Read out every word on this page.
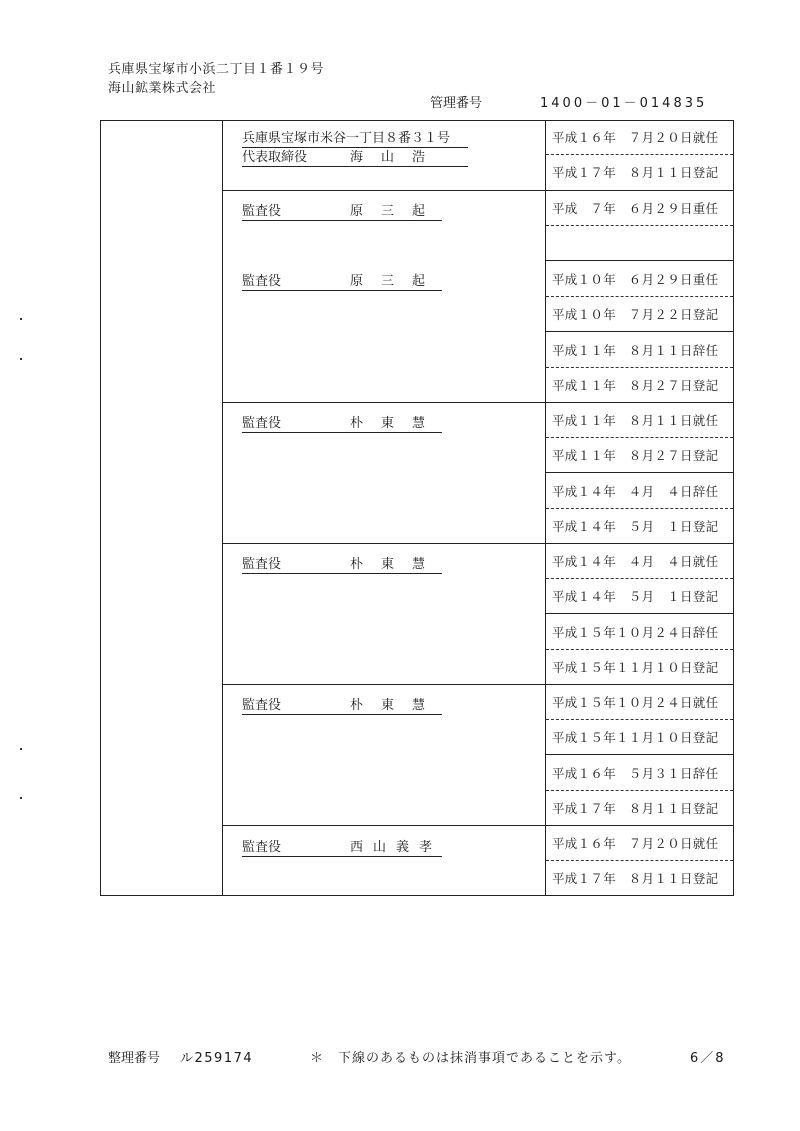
兵庫県宝塚市小浜二丁目１番１９号
海山鉱業株式会社
管理番号	1400－01－014835
兵庫県宝塚市米谷一丁目８番３１号
代表取締役	海山浩
平成１６年　７月２０日就任
平成１７年　８月１１日登記
監査役	原三起	平成　７年　６月２９日重任
監査役	原三起	平成１０年　６月２９日重任
平成１０年　７月２２日登記
平成１１年　８月１１日辞任
平成１１年　８月２７日登記
監査役	朴東慧	平成１１年　８月１１日就任
平成１１年　８月２７日登記
平成１４年　４月　４日辞任
平成１４年　５月　１日登記
監査役	朴東慧	平成１４年　４月　４日就任
平成１４年　５月　１日登記
平成１５年１０月２４日辞任
平成１５年１１月１０日登記
監査役	朴東慧	平成１５年１０月２４日就任
平成１５年１１月１０日登記
平成１６年　５月３１日辞任
平成１７年　８月１１日登記
監査役	西山義孝	平成１６年　７月２０日就任
平成１７年　８月１１日登記
整理番号 ル259174	＊　下線のあるものは抹消事項であることを示す。	6／8
